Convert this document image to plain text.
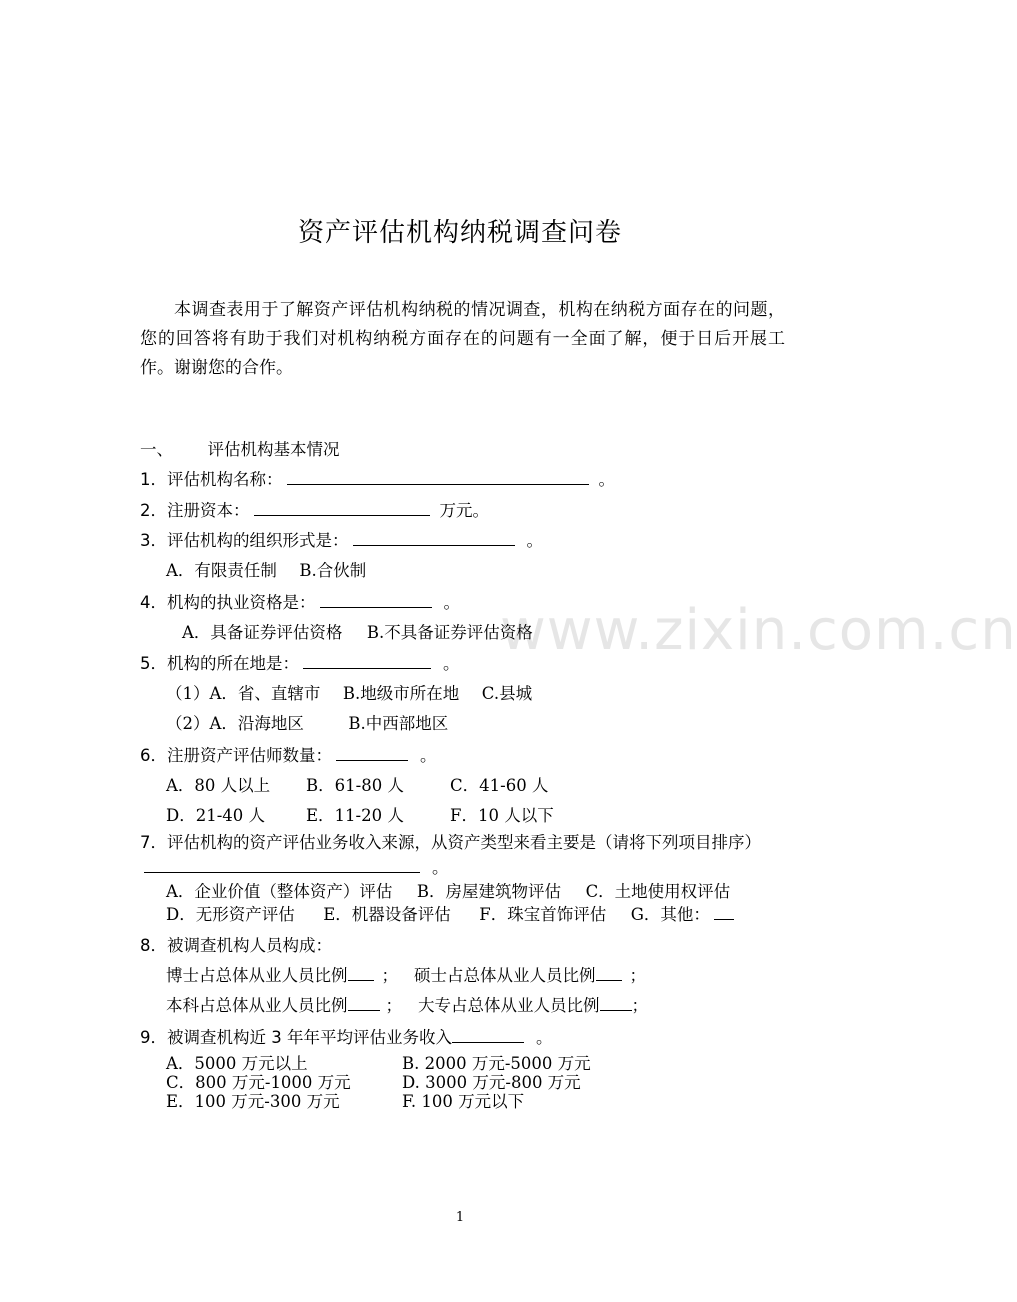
www.zixin.com.cn
资产评估机构纳税调查问卷

本调查表用于了解资产评估机构纳税的情况调查，机构在纳税方面存在的问题，您的回答将有助于我们对机构纳税方面存在的问题有一全面了解，便于日后开展工作。谢谢您的合作。

一、 评估机构基本情况
1．评估机构名称：	。
2．注册资本：	万元。
3．评估机构的组织形式是：	。
A．有限责任制 B.合伙制
4．机构的执业资格是：	。
A．具备证券评估资格 B.不具备证券评估资格
5．机构的所在地是：	。
（1）A．省、直辖市 B.地级市所在地 C.县城
（2）A．沿海地区	B.中西部地区
6．注册资产评估师数量：	。
A．80 人以上 B．61-80 人	C．41-60 人
D．21-40 人 E．11-20 人	F．10 人以下
7．评估机构的资产评估业务收入来源，从资产类型来看主要是（请将下列项目排序）。
A．企业价值（整体资产）评估 B．房屋建筑物评估 C．土地使用权评估
D．无形资产评估 E．机器设备评估 F．珠宝首饰评估 G．其他：
8．被调查机构人员构成：
博士占总体从业人员比例 ； 硕士占总体从业人员比例 ；
本科占总体从业人员比例 ； 大专占总体从业人员比例 ；
9．被调查机构近 3 年年平均评估业务收入	。
A．5000 万元以上	B. 2000 万元-5000 万元
C．800 万元-1000 万元	D. 3000 万元-800 万元
E．100 万元-300 万元	F. 100 万元以下
1
